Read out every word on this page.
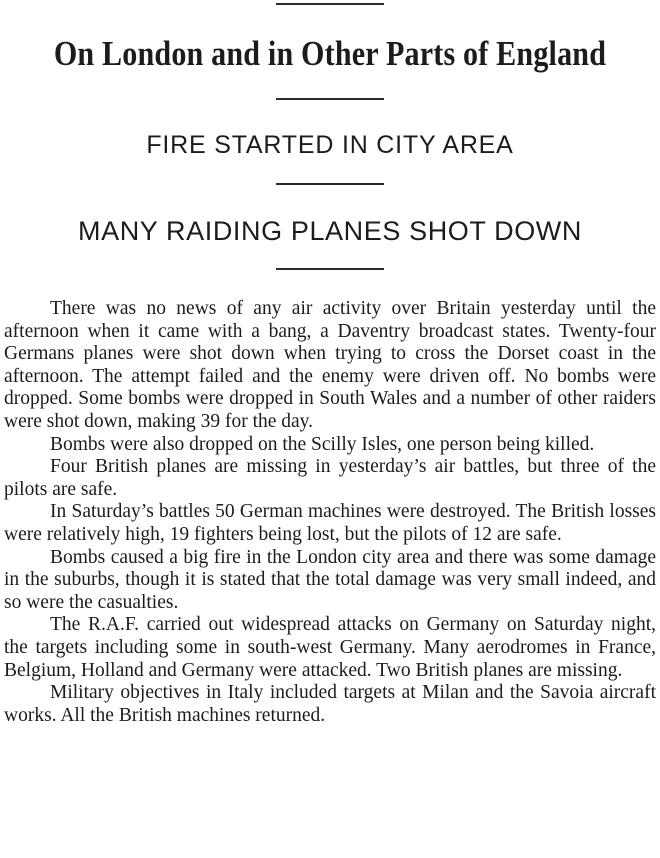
On London and in Other Parts of England
FIRE STARTED IN CITY AREA
MANY RAIDING PLANES SHOT DOWN

There was no news of any air activity over Britain yesterday until the afternoon when it came with a bang, a Daventry broadcast states. Twenty-four Germans planes were shot down when trying to cross the Dorset coast in the afternoon. The attempt failed and the enemy were driven off. No bombs were dropped. Some bombs were dropped in South Wales and a number of other raiders were shot down, making 39 for the day.

Bombs were also dropped on the Scilly Isles, one person being killed.

Four British planes are missing in yesterday’s air battles, but three of the pilots are safe.

In Saturday’s battles 50 German machines were destroyed. The British losses were relatively high, 19 fighters being lost, but the pilots of 12 are safe.

Bombs caused a big fire in the London city area and there was some damage in the suburbs, though it is stated that the total damage was very small indeed, and so were the casualties.

The R.A.F. carried out widespread attacks on Germany on Saturday night, the targets including some in south-west Germany. Many aerodromes in France, Belgium, Holland and Germany were attacked. Two British planes are missing.

Military objectives in Italy included targets at Milan and the Savoia aircraft works. All the British machines returned.
